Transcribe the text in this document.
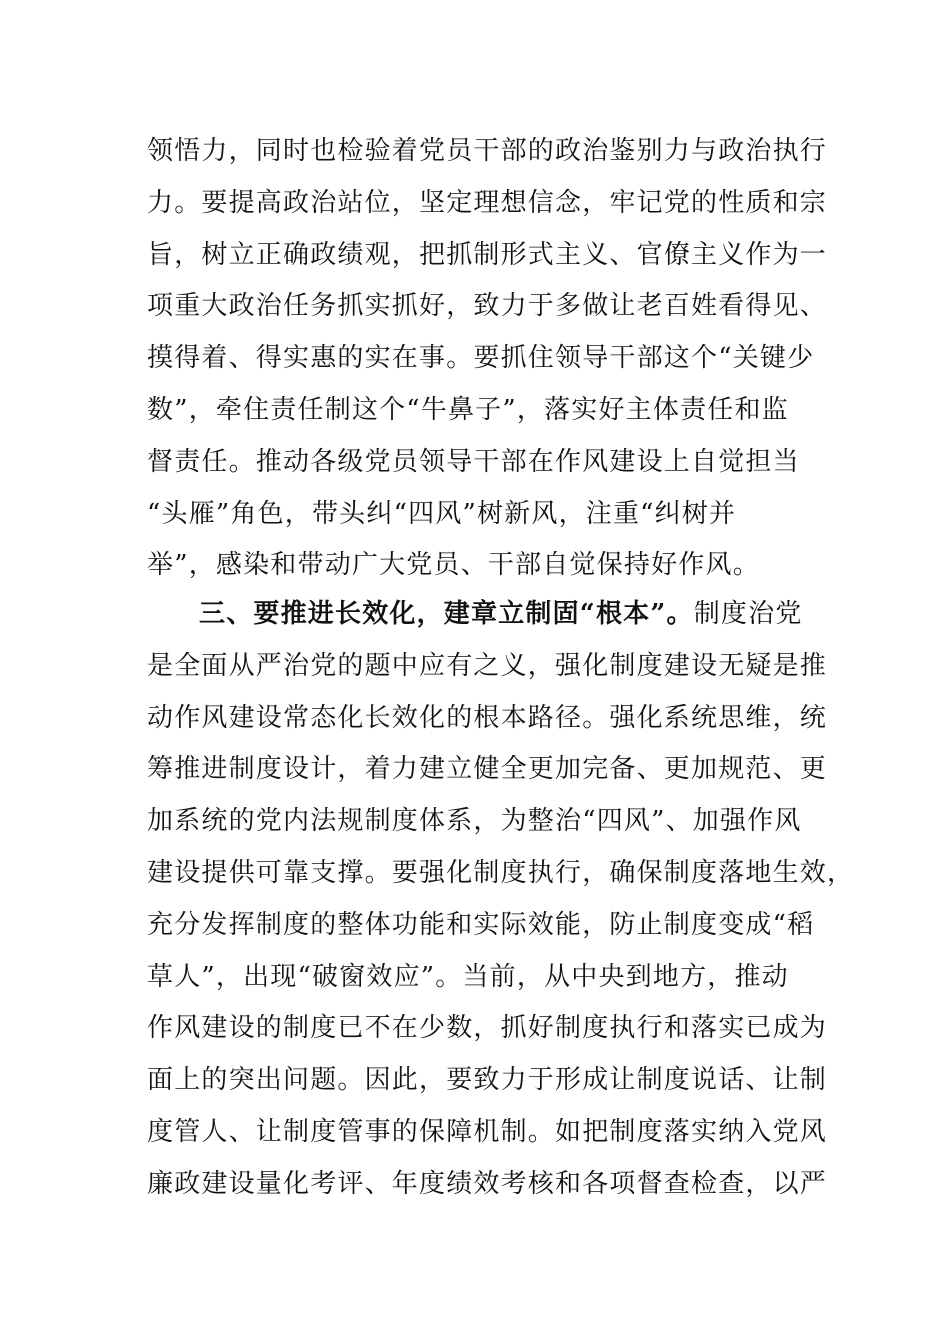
领悟力，同时也检验着党员干部的政治鉴别力与政治执行
力。要提高政治站位，坚定理想信念，牢记党的性质和宗
旨，树立正确政绩观，把抓制形式主义、官僚主义作为一
项重大政治任务抓实抓好，致力于多做让老百姓看得见、
摸得着、得实惠的实在事。要抓住领导干部这个“关键少
数”，牵住责任制这个“牛鼻子”，落实好主体责任和监
督责任。推动各级党员领导干部在作风建设上自觉担当
“头雁”角色，带头纠“四风”树新风，注重“纠树并
举”，感染和带动广大党员、干部自觉保持好作风。
三、要推进长效化，建章立制固“根本”。制度治党
是全面从严治党的题中应有之义，强化制度建设无疑是推
动作风建设常态化长效化的根本路径。强化系统思维，统
筹推进制度设计，着力建立健全更加完备、更加规范、更
加系统的党内法规制度体系，为整治“四风”、加强作风
建设提供可靠支撑。要强化制度执行，确保制度落地生效，
充分发挥制度的整体功能和实际效能，防止制度变成“稻
草人”，出现“破窗效应”。当前，从中央到地方，推动
作风建设的制度已不在少数，抓好制度执行和落实已成为
面上的突出问题。因此，要致力于形成让制度说话、让制
度管人、让制度管事的保障机制。如把制度落实纳入党风
廉政建设量化考评、年度绩效考核和各项督查检查，以严
